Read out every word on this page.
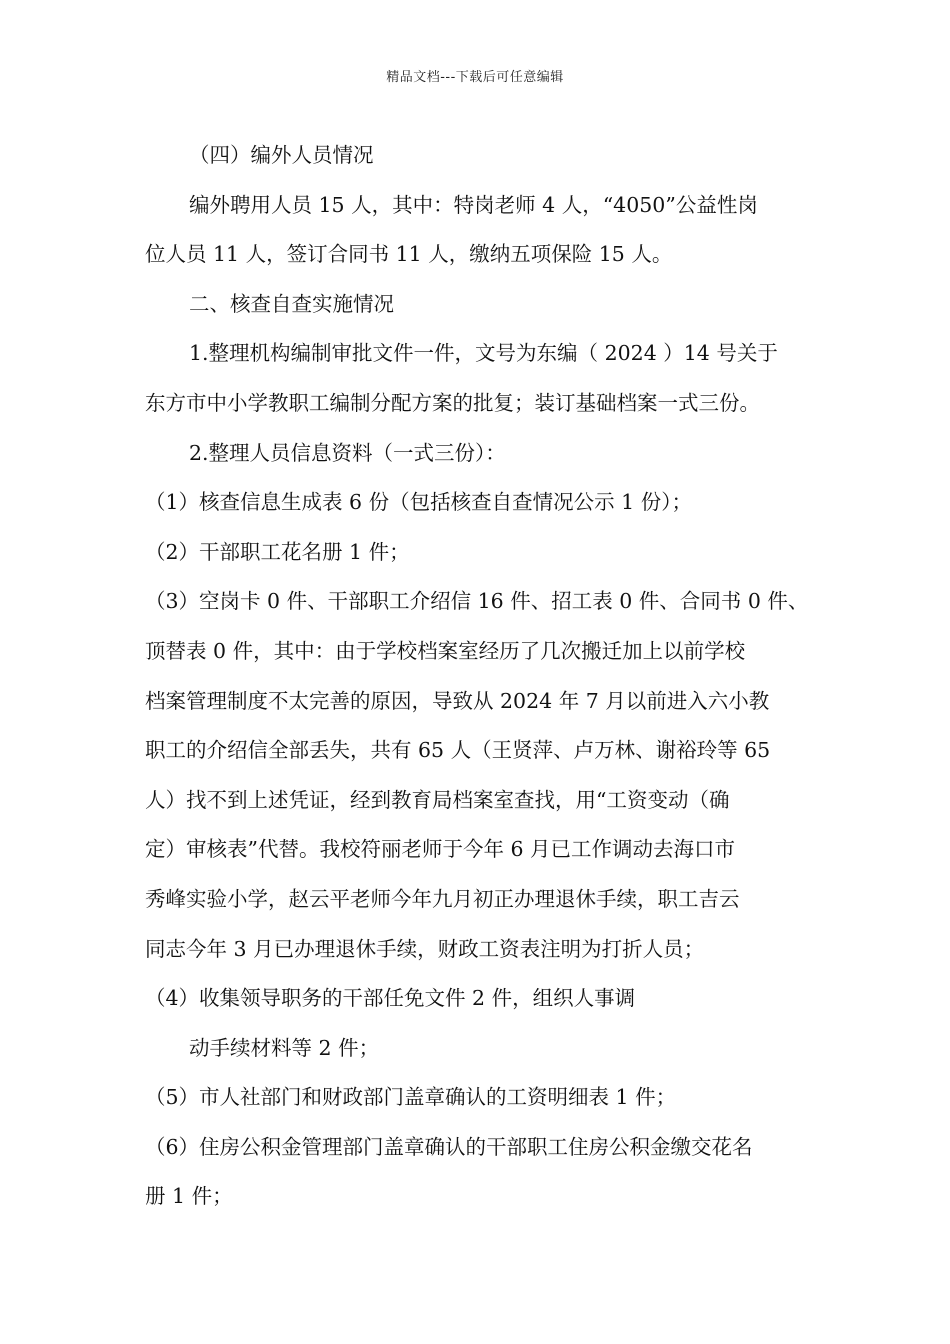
精品文档---下载后可任意编辑
（四）编外人员情况
编外聘用人员 15 人，其中：特岗老师 4 人，“4050”公益性岗
位人员 11 人，签订合同书 11 人，缴纳五项保险 15 人。
二、核查自查实施情况
1.整理机构编制审批文件一件，文号为东编（ 2024 ）14 号关于
东方市中小学教职工编制分配方案的批复；装订基础档案一式三份。
2.整理人员信息资料（一式三份）：
（1）核查信息生成表 6 份（包括核查自查情况公示 1 份）；
（2）干部职工花名册 1 件；
（3）空岗卡 0 件、干部职工介绍信 16 件、招工表 0 件、合同书 0 件、
顶替表 0 件，其中：由于学校档案室经历了几次搬迁加上以前学校
档案管理制度不太完善的原因，导致从 2024 年 7 月以前进入六小教
职工的介绍信全部丢失，共有 65 人（王贤萍、卢万林、谢裕玲等 65
人）找不到上述凭证，经到教育局档案室查找，用“工资变动（确
定）审核表”代替。我校符丽老师于今年 6 月已工作调动去海口市
秀峰实验小学，赵云平老师今年九月初正办理退休手续，职工吉云
同志今年 3 月已办理退休手续，财政工资表注明为打折人员；
（4）收集领导职务的干部任免文件 2 件，组织人事调
动手续材料等 2 件；
（5）市人社部门和财政部门盖章确认的工资明细表 1 件；
（6）住房公积金管理部门盖章确认的干部职工住房公积金缴交花名
册 1 件；
